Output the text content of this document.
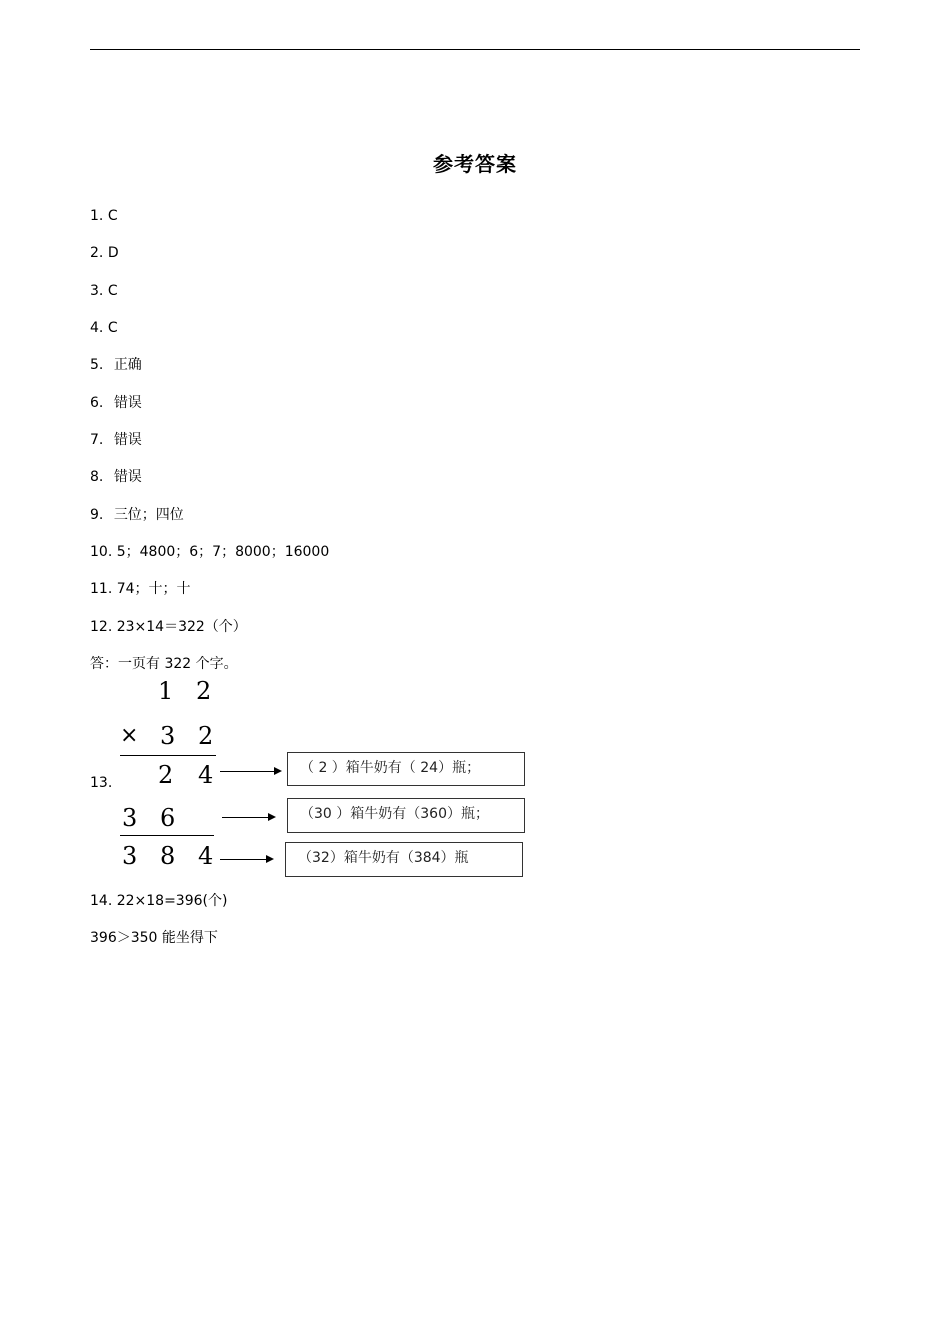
参考答案
1. C
2. D
3. C
4. C
5. 正确
6. 错误
7. 错误
8. 错误
9. 三位；四位
10. 5；4800；6；7；8000；16000
11. 74；十；十
12. 23×14＝322（个）
答：一页有 322 个字。
13.
1 2
× 3 2
2 4
3 6
3 8 4
（ 2 ）箱牛奶有（ 24）瓶；
（30 ）箱牛奶有（360）瓶；
（32）箱牛奶有（384）瓶
14. 22×18=396(个)
396＞350 能坐得下
